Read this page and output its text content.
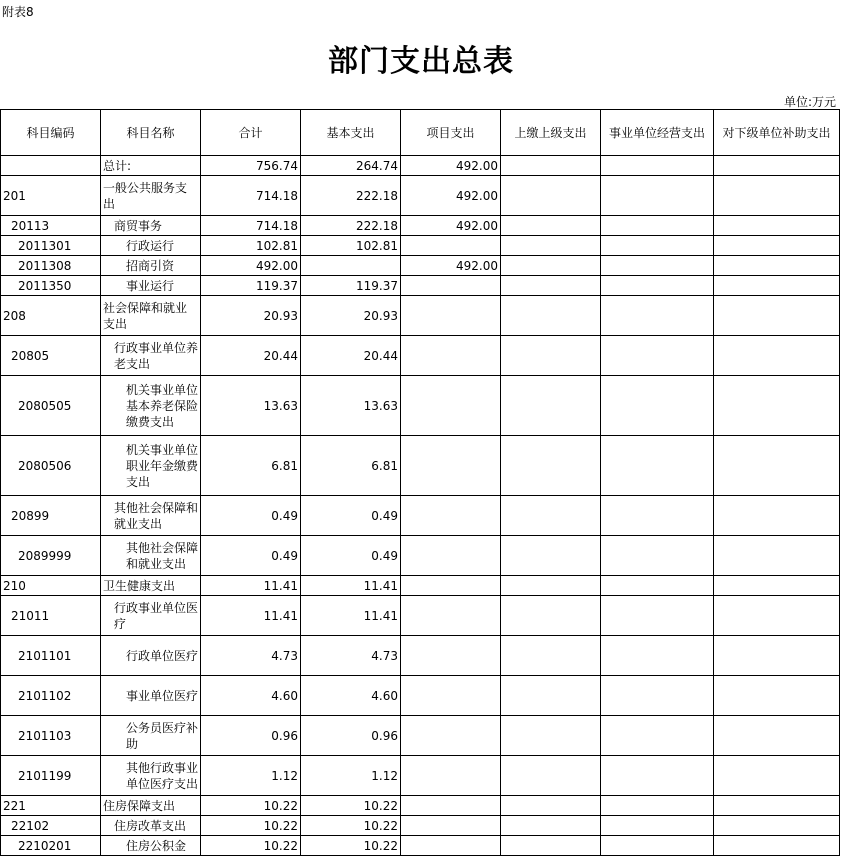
附表8
部门支出总表
单位:万元
科目编码	科目名称	合计	基本支出	项目支出	上缴上级支出	事业单位经营支出	对下级单位补助支出
	总计:	756.74	264.74	492.00			
201	一般公共服务支出	714.18	222.18	492.00			
20113	商贸事务	714.18	222.18	492.00			
2011301	行政运行	102.81	102.81				
2011308	招商引资	492.00		492.00			
2011350	事业运行	119.37	119.37				
208	社会保障和就业支出	20.93	20.93				
20805	行政事业单位养老支出	20.44	20.44				
2080505	机关事业单位基本养老保险缴费支出	13.63	13.63				
2080506	机关事业单位职业年金缴费支出	6.81	6.81				
20899	其他社会保障和就业支出	0.49	0.49				
2089999	其他社会保障和就业支出	0.49	0.49				
210	卫生健康支出	11.41	11.41				
21011	行政事业单位医疗	11.41	11.41				
2101101	行政单位医疗	4.73	4.73				
2101102	事业单位医疗	4.60	4.60				
2101103	公务员医疗补助	0.96	0.96				
2101199	其他行政事业单位医疗支出	1.12	1.12				
221	住房保障支出	10.22	10.22				
22102	住房改革支出	10.22	10.22				
2210201	住房公积金	10.22	10.22				
